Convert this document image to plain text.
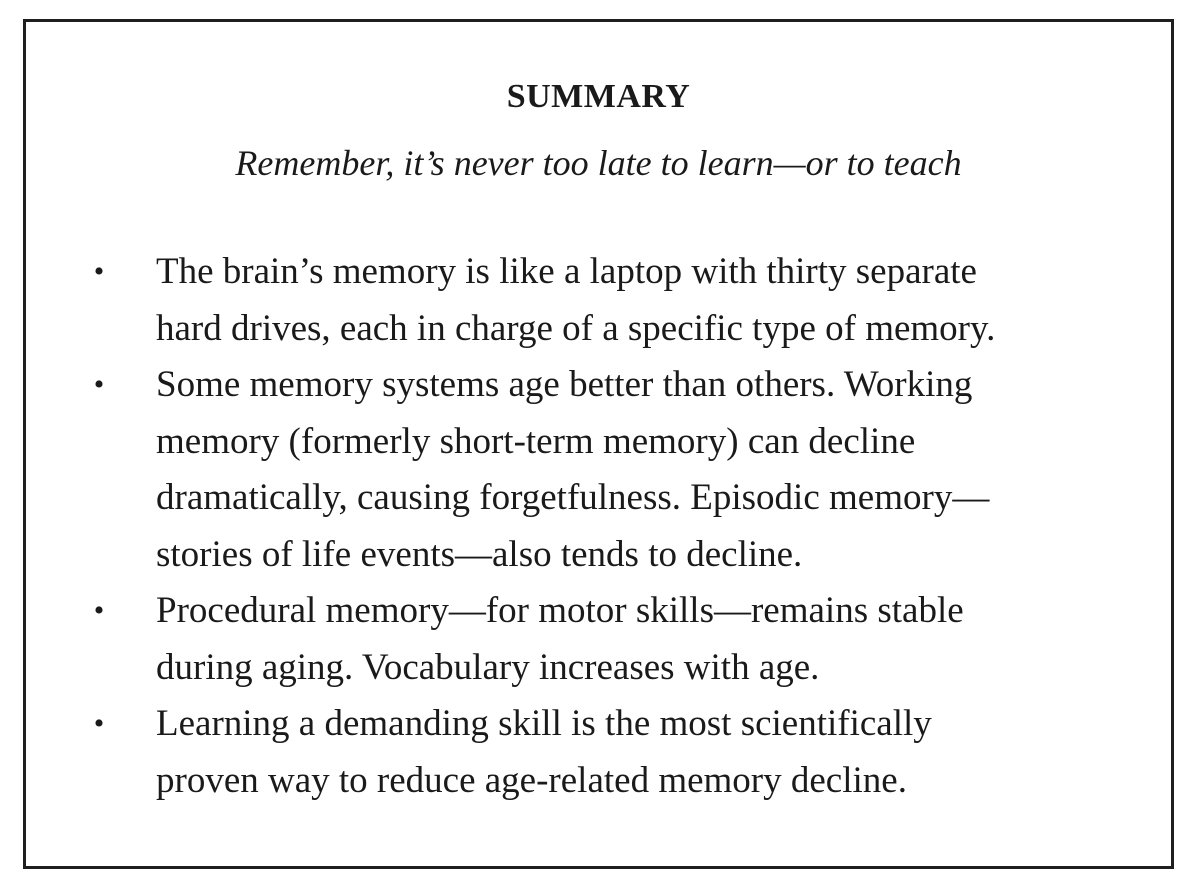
SUMMARY

Remember, it’s never too late to learn—or to teach

• The brain’s memory is like a laptop with thirty separate
hard drives, each in charge of a specific type of memory.
• Some memory systems age better than others. Working
memory (formerly short-term memory) can decline
dramatically, causing forgetfulness. Episodic memory—
stories of life events—also tends to decline.
• Procedural memory—for motor skills—remains stable
during aging. Vocabulary increases with age.
• Learning a demanding skill is the most scientifically
proven way to reduce age-related memory decline.
